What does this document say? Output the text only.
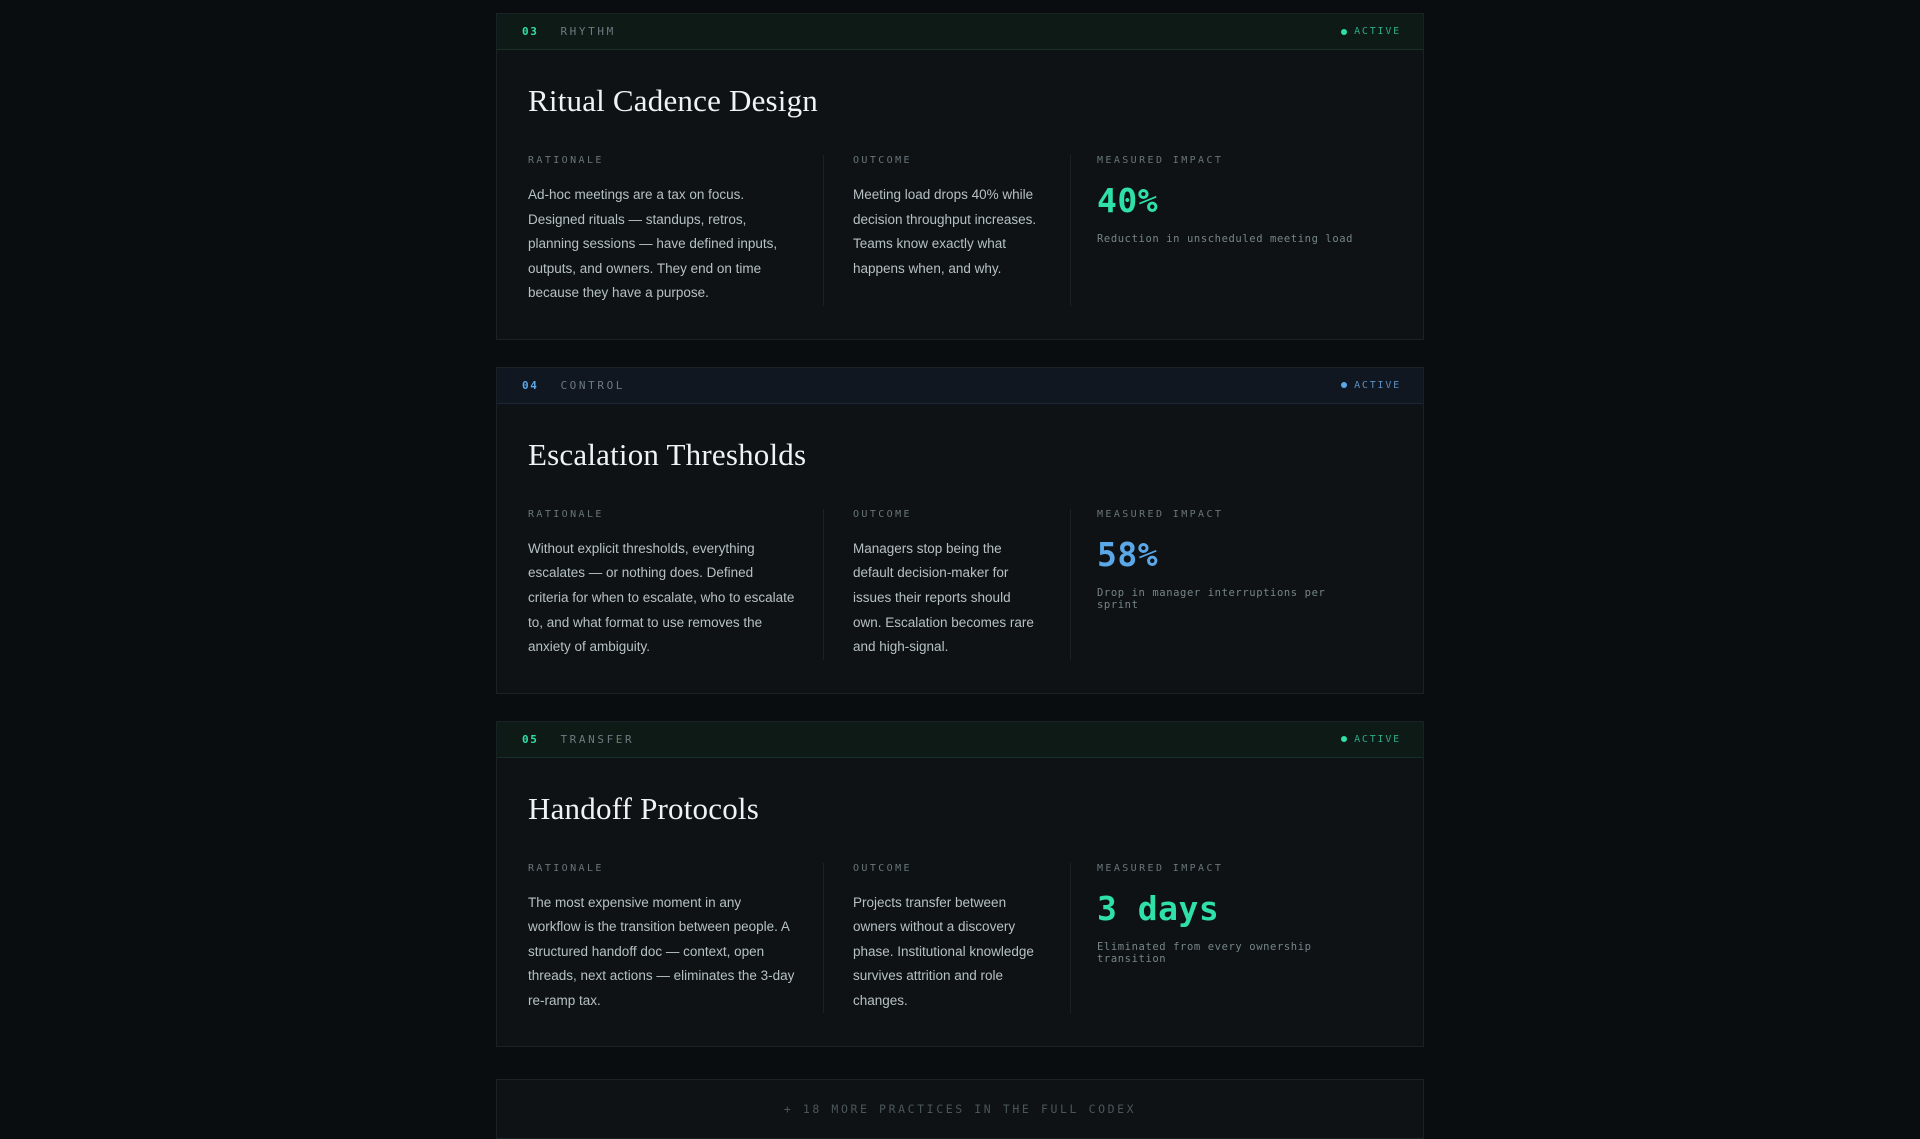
03 RHYTHM	ACTIVE
Ritual Cadence Design
RATIONALE

Ad-hoc meetings are a tax on focus. Designed rituals — standups, retros, planning sessions — have defined inputs, outputs, and owners. They end on time because they have a purpose.

OUTCOME

Meeting load drops 40% while decision throughput increases. Teams know exactly what happens when, and why.

MEASURED IMPACT
40%
Reduction in unscheduled meeting load
04 CONTROL	ACTIVE
Escalation Thresholds
RATIONALE

Without explicit thresholds, everything escalates — or nothing does. Defined criteria for when to escalate, who to escalate to, and what format to use removes the anxiety of ambiguity.

OUTCOME

Managers stop being the default decision-maker for issues their reports should own. Escalation becomes rare and high-signal.

MEASURED IMPACT
58%
Drop in manager interruptions per sprint
05 TRANSFER	ACTIVE
Handoff Protocols
RATIONALE

The most expensive moment in any workflow is the transition between people. A structured handoff doc — context, open threads, next actions — eliminates the 3-day re-ramp tax.

OUTCOME

Projects transfer between owners without a discovery phase. Institutional knowledge survives attrition and role changes.

MEASURED IMPACT
3 days
Eliminated from every ownership transition
+ 18 MORE PRACTICES IN THE FULL CODEX
